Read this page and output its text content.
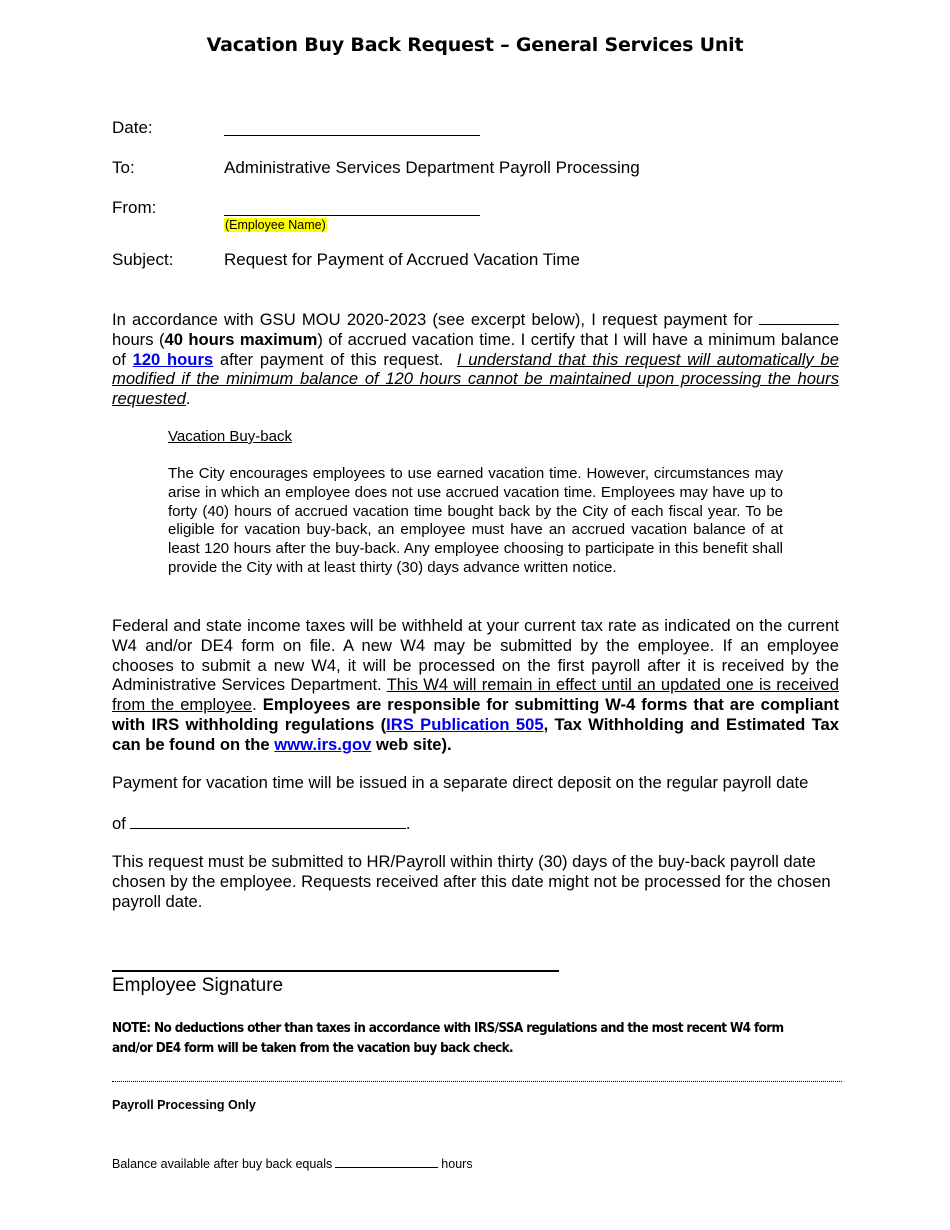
Vacation Buy Back Request – General Services Unit
Date:
To:	Administrative Services Department Payroll Processing
From:
(Employee Name)
Subject:	Request for Payment of Accrued Vacation Time
In accordance with GSU MOU 2020-2023 (see excerpt below), I request payment for  hours (40 hours maximum) of accrued vacation time. I certify that I will have a minimum balance of 120 hours after payment of this request. I understand that this request will automatically be modified if the minimum balance of 120 hours cannot be maintained upon processing the hours requested.
Vacation Buy-back
The City encourages employees to use earned vacation time. However, circumstances may arise in which an employee does not use accrued vacation time. Employees may have up to forty (40) hours of accrued vacation time bought back by the City of each fiscal year. To be eligible for vacation buy-back, an employee must have an accrued vacation balance of at least 120 hours after the buy-back. Any employee choosing to participate in this benefit shall provide the City with at least thirty (30) days advance written notice.
Federal and state income taxes will be withheld at your current tax rate as indicated on the current W4 and/or DE4 form on file. A new W4 may be submitted by the employee. If an employee chooses to submit a new W4, it will be processed on the first payroll after it is received by the Administrative Services Department. This W4 will remain in effect until an updated one is received from the employee. Employees are responsible for submitting W-4 forms that are compliant with IRS withholding regulations (IRS Publication 505, Tax Withholding and Estimated Tax can be found on the www.irs.gov web site).
Payment for vacation time will be issued in a separate direct deposit on the regular payroll date
of	.
This request must be submitted to HR/Payroll within thirty (30) days of the buy-back payroll date chosen by the employee. Requests received after this date might not be processed for the chosen payroll date.
Employee Signature
NOTE: No deductions other than taxes in accordance with IRS/SSA regulations and the most recent W4 form and/or DE4 form will be taken from the vacation buy back check.
Payroll Processing Only
Balance available after buy back equals	hours
